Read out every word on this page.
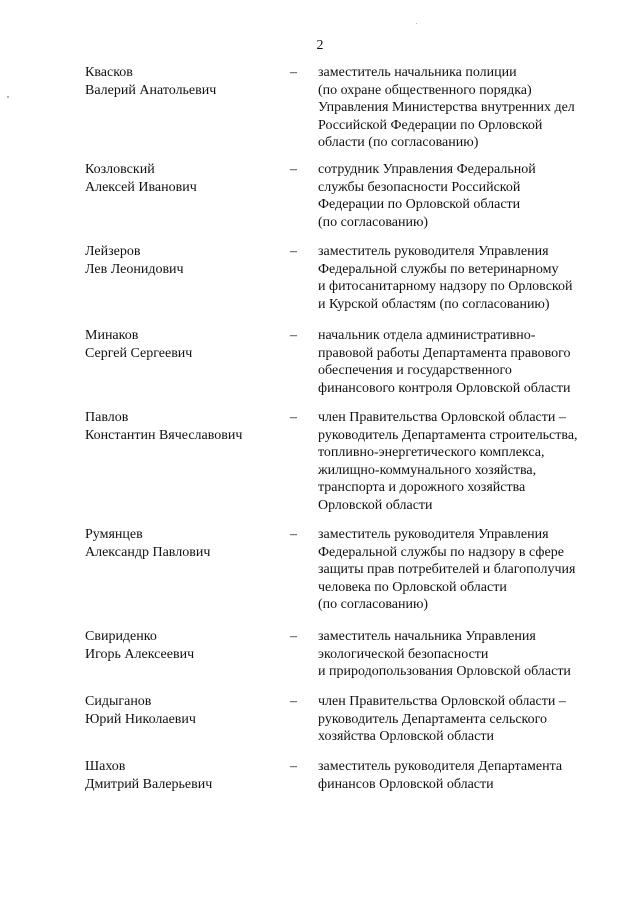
2
Квасков
Валерий Анатольевич
–	заместитель начальника полиции
(по охране общественного порядка)
Управления Министерства внутренних дел
Российской Федерации по Орловской
области (по согласованию)
Козловский
Алексей Иванович
–	сотрудник Управления Федеральной
службы безопасности Российской
Федерации по Орловской области
(по согласованию)
Лейзеров
Лев Леонидович
–	заместитель руководителя Управления
Федеральной службы по ветеринарному
и фитосанитарному надзору по Орловской
и Курской областям (по согласованию)
Минаков
Сергей Сергеевич
–	начальник отдела административно-
правовой работы Департамента правового
обеспечения и государственного
финансового контроля Орловской области
Павлов
Константин Вячеславович
–	член Правительства Орловской области –
руководитель Департамента строительства,
топливно-энергетического комплекса,
жилищно-коммунального хозяйства,
транспорта и дорожного хозяйства
Орловской области
Румянцев
Александр Павлович
–	заместитель руководителя Управления
Федеральной службы по надзору в сфере
защиты прав потребителей и благополучия
человека по Орловской области
(по согласованию)
Свириденко
Игорь Алексеевич
–	заместитель начальника Управления
экологической безопасности
и природопользования Орловской области
Сидыганов
Юрий Николаевич
–	член Правительства Орловской области –
руководитель Департамента сельского
хозяйства Орловской области
Шахов
Дмитрий Валерьевич
–	заместитель руководителя Департамента
финансов Орловской области
